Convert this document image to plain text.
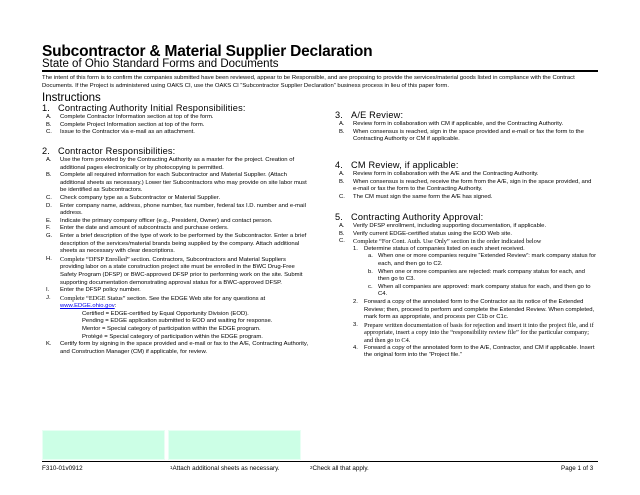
Subcontractor & Material Supplier Declaration
State of Ohio Standard Forms and Documents
The intent of this form is to confirm the companies submitted have been reviewed, appear to be Responsible, and are proposing to provide the services/material goods listed in compliance with the Contract Documents. If the Project is administered using OAKS CI, use the OAKS CI “Subcontractor Supplier Declaration” business process in lieu of this paper form.
Instructions
1. Contracting Authority Initial Responsibilities:
A.	Complete Contractor Information section at top of the form.
B.	Complete Project Information section at top of the form.
C.	Issue to the Contractor via e-mail as an attachment.
2. Contractor Responsibilities:
A.	Use the form provided by the Contracting Authority as a master for the project. Creation of additional pages electronically or by photocopying is permitted.
B.	Complete all required information for each Subcontractor and Material Supplier. (Attach additional sheets as necessary.) Lower tier Subcontractors who may provide on site labor must be identified as Subcontractors.
C.	Check company type as a Subcontractor or Material Supplier.
D.	Enter company name, address, phone number, fax number, federal tax I.D. number and e-mail address.
E.	Indicate the primary company officer (e.g., President, Owner) and contact person.
F.	Enter the date and amount of subcontracts and purchase orders.
G.	Enter a brief description of the type of work to be performed by the Subcontractor. Enter a brief description of the services/material brands being supplied by the company. Attach additional sheets as necessary with clear descriptions.
H.	Complete “DFSP Enrolled” section. Contractors, Subcontractors and Material Suppliers providing labor on a state construction project site must be enrolled in the BWC Drug-Free Safety Program (DFSP) or BWC-approved DFSP prior to performing work on the site. Submit supporting documentation demonstrating approval status for a BWC-approved DFSP.
I.	Enter the DFSP policy number.
J.	Complete “EDGE Status” section. See the EDGE Web site for any questions at www.EDGE.ohio.gov:
Certified = EDGE-certified by Equal Opportunity Division (EOD).
Pending = EDGE application submitted to EOD and waiting for response.
Mentor = Special category of participation within the EDGE program.
Protégé = Special category of participation within the EDGE program.
K.	Certify form by signing in the space provided and e-mail or fax to the A/E, Contracting Authority, and Construction Manager (CM) if applicable, for review.
3. A/E Review:
A.	Review form in collaboration with CM if applicable, and the Contracting Authority.
B.	When consensus is reached, sign in the space provided and e-mail or fax the form to the Contracting Authority or CM if applicable.
4. CM Review, if applicable:
A.	Review form in collaboration with the A/E and the Contracting Authority.
B.	When consensus is reached, receive the form from the A/E, sign in the space provided, and e-mail or fax the form to the Contracting Authority.
C.	The CM must sign the same form the A/E has signed.
5. Contracting Authority Approval:
A.	Verify DFSP enrollment, including supporting documentation, if applicable.
B.	Verify current EDGE-certified status using the EOD Web site.
C.	Complete “For Cont. Auth. Use Only” section in the order indicated below
1.	Determine status of companies listed on each sheet received.
a. When one or more companies require “Extended Review”: mark company status for each, and then go to C2.
b. When one or more companies are rejected: mark company status for each, and then go to C3.
c. When all companies are approved: mark company status for each, and then go to C4.
2.	Forward a copy of the annotated form to the Contractor as its notice of the Extended Review; then, proceed to perform and complete the Extended Review. When completed, mark form as appropriate, and process per C1b or C1c.
3. Prepare written documentation of basis for rejection and insert it into the project file, and if appropriate, insert a copy into the “responsibility review file” for the particular company; and then go to C4.
4.	Forward a copy of the annotated form to the A/E, Contractor, and CM if applicable. Insert the original form into the “Project file.”
F310-01v0912	$^1$Attach additional sheets as necessary.	$^2$Check all that apply.	Page 1 of 3
